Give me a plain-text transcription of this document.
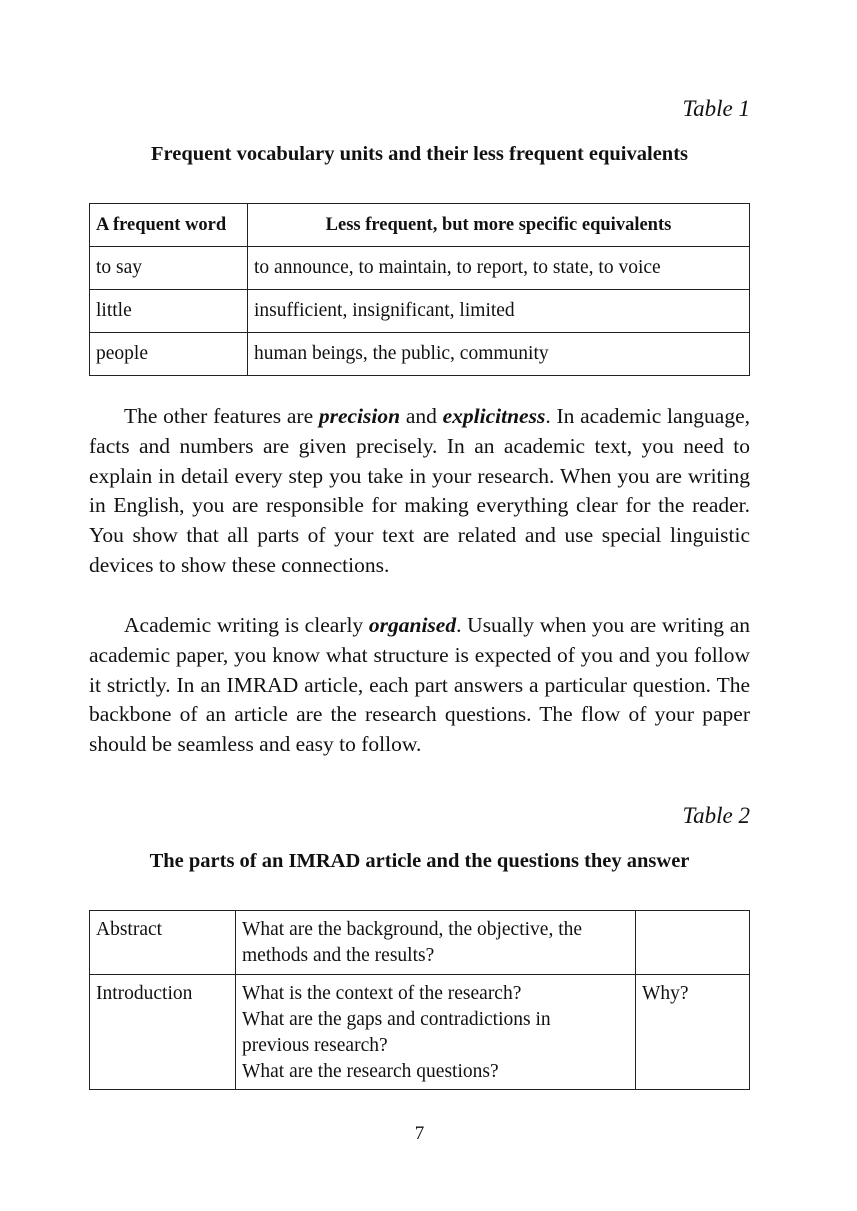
Table 1
Frequent vocabulary units and their less frequent equivalents
A frequent word	Less frequent, but more specific equivalents
to say	to announce, to maintain, to report, to state, to voice
little	insufficient, insignificant, limited
people	human beings, the public, community

The other features are precision and explicitness. In academic language, facts and numbers are given precisely. In an academic text, you need to explain in detail every step you take in your research. When you are writing in English, you are responsible for making everything clear for the reader. You show that all parts of your text are related and use special linguistic devices to show these connections.

Academic writing is clearly organised. Usually when you are writing an academic paper, you know what structure is expected of you and you follow it strictly. In an IMRAD article, each part answers a particular question. The backbone of an article are the research questions. The flow of your paper should be seamless and easy to follow.

Table 2
The parts of an IMRAD article and the questions they answer
Abstract	What are the background, the objective, the
methods and the results?	

Introduction	What is the context of the research?
What are the gaps and contradictions in
previous research?
What are the research questions?	Why?
7
